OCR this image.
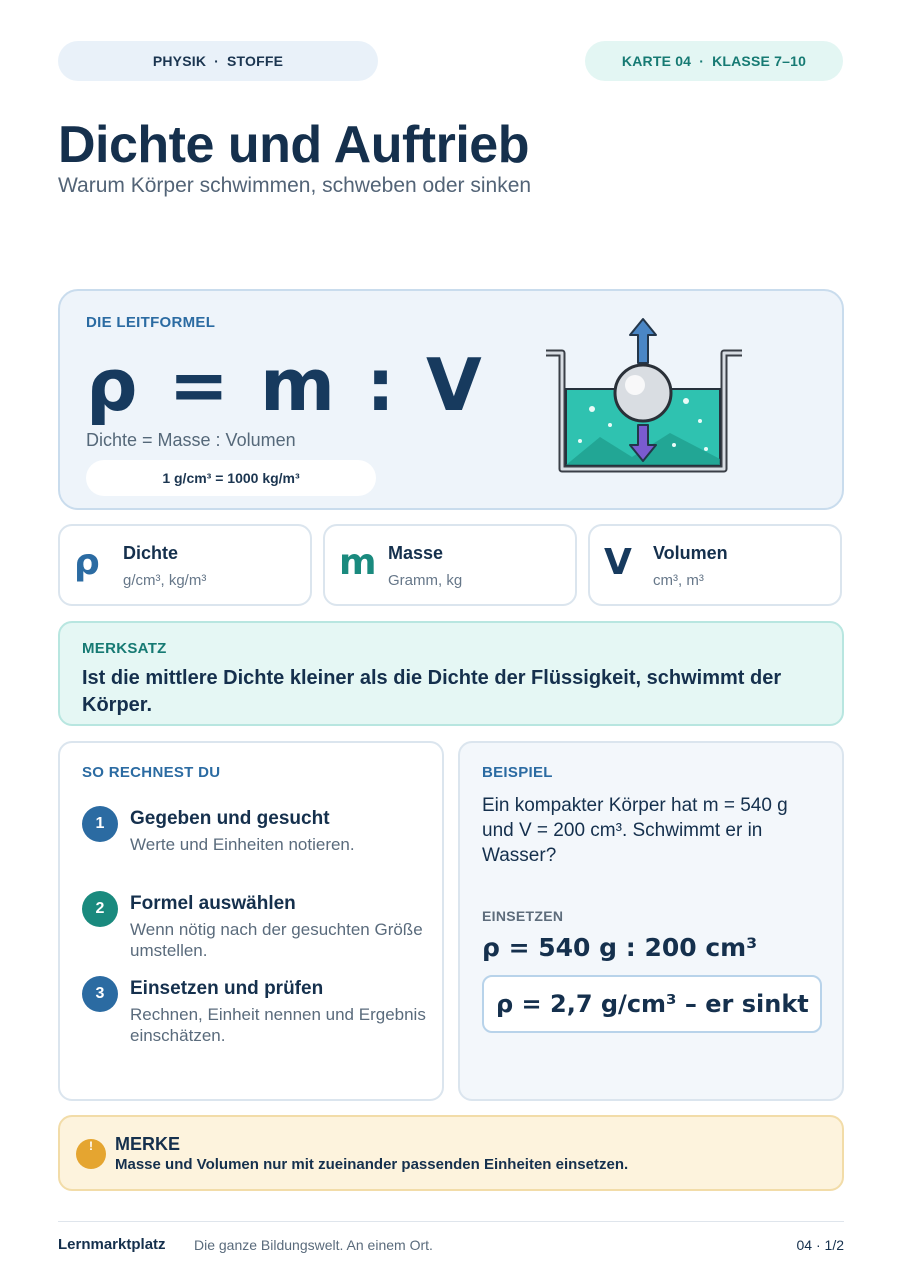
PHYSIK · STOFFE	KARTE 04 · KLASSE 7–10
Dichte und Auftrieb
Warum Körper schwimmen, schweben oder sinken
DIE LEITFORMEL
ρ = m : V
Dichte = Masse : Volumen
1 g/cm³ = 1000 kg/m³
ρ Dichte
g/cm³, kg/m³	m Masse
Gramm, kg	V Volumen
cm³, m³
MERKSATZ
Ist die mittlere Dichte kleiner als die Dichte der Flüssigkeit, schwimmt der Körper.
SO RECHNEST DU
1	Gegeben und gesucht
Werte und Einheiten notieren.
2	Formel auswählen
Wenn nötig nach der gesuchten Größe umstellen.
3	Einsetzen und prüfen
Rechnen, Einheit nennen und Ergebnis einschätzen.
BEISPIEL
Ein kompakter Körper hat m = 540 g und V = 200 cm³. Schwimmt er in Wasser?
EINSETZEN
ρ = 540 g : 200 cm³
ρ = 2,7 g/cm³ – er sinkt
!	MERKE
Masse und Volumen nur mit zueinander passenden Einheiten einsetzen.
Lernmarktplatz Die ganze Bildungswelt. An einem Ort.	04 · 1/2
